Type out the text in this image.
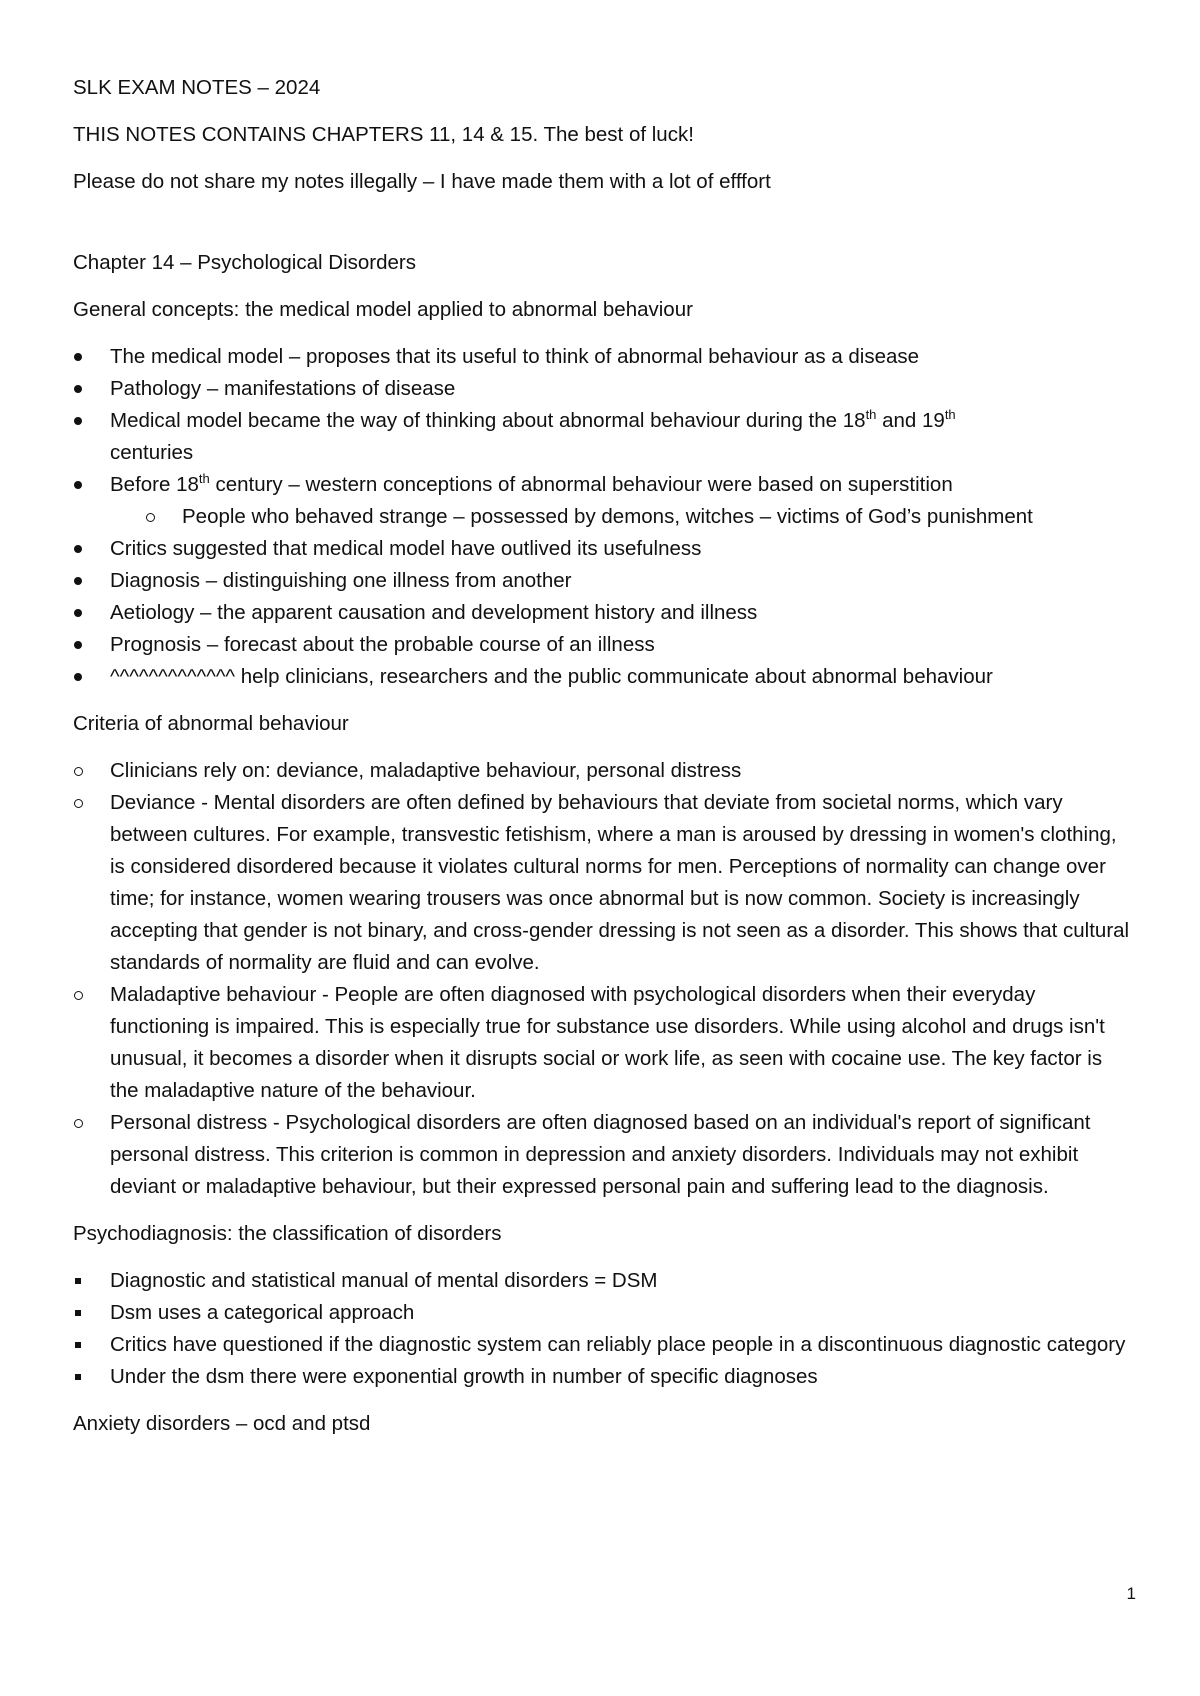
SLK EXAM NOTES – 2024

THIS NOTES CONTAINS CHAPTERS 11, 14 & 15. The best of luck!

Please do not share my notes illegally – I have made them with a lot of efffort

Chapter 14 – Psychological Disorders

General concepts: the medical model applied to abnormal behaviour

The medical model – proposes that its useful to think of abnormal behaviour as a disease
Pathology – manifestations of disease
Medical model became the way of thinking about abnormal behaviour during the 18th and 19th
centuries
Before 18th century – western conceptions of abnormal behaviour were based on superstition
People who behaved strange – possessed by demons, witches – victims of God’s punishment
Critics suggested that medical model have outlived its usefulness
Diagnosis – distinguishing one illness from another
Aetiology – the apparent causation and development history and illness
Prognosis – forecast about the probable course of an illness
^^^^^^^^^^^^^ help clinicians, researchers and the public communicate about abnormal behaviour

Criteria of abnormal behaviour

Clinicians rely on: deviance, maladaptive behaviour, personal distress
Deviance - Mental disorders are often defined by behaviours that deviate from societal norms, which vary between cultures. For example, transvestic fetishism, where a man is aroused by dressing in women's clothing, is considered disordered because it violates cultural norms for men. Perceptions of normality can change over time; for instance, women wearing trousers was once abnormal but is now common. Society is increasingly accepting that gender is not binary, and cross-gender dressing is not seen as a disorder. This shows that cultural standards of normality are fluid and can evolve.
Maladaptive behaviour - People are often diagnosed with psychological disorders when their everyday functioning is impaired. This is especially true for substance use disorders. While using alcohol and drugs isn't unusual, it becomes a disorder when it disrupts social or work life, as seen with cocaine use. The key factor is the maladaptive nature of the behaviour.
Personal distress - Psychological disorders are often diagnosed based on an individual's report of significant personal distress. This criterion is common in depression and anxiety disorders. Individuals may not exhibit deviant or maladaptive behaviour, but their expressed personal pain and suffering lead to the diagnosis.

Psychodiagnosis: the classification of disorders

Diagnostic and statistical manual of mental disorders = DSM
Dsm uses a categorical approach
Critics have questioned if the diagnostic system can reliably place people in a discontinuous diagnostic category
Under the dsm there were exponential growth in number of specific diagnoses

Anxiety disorders – ocd and ptsd

1
